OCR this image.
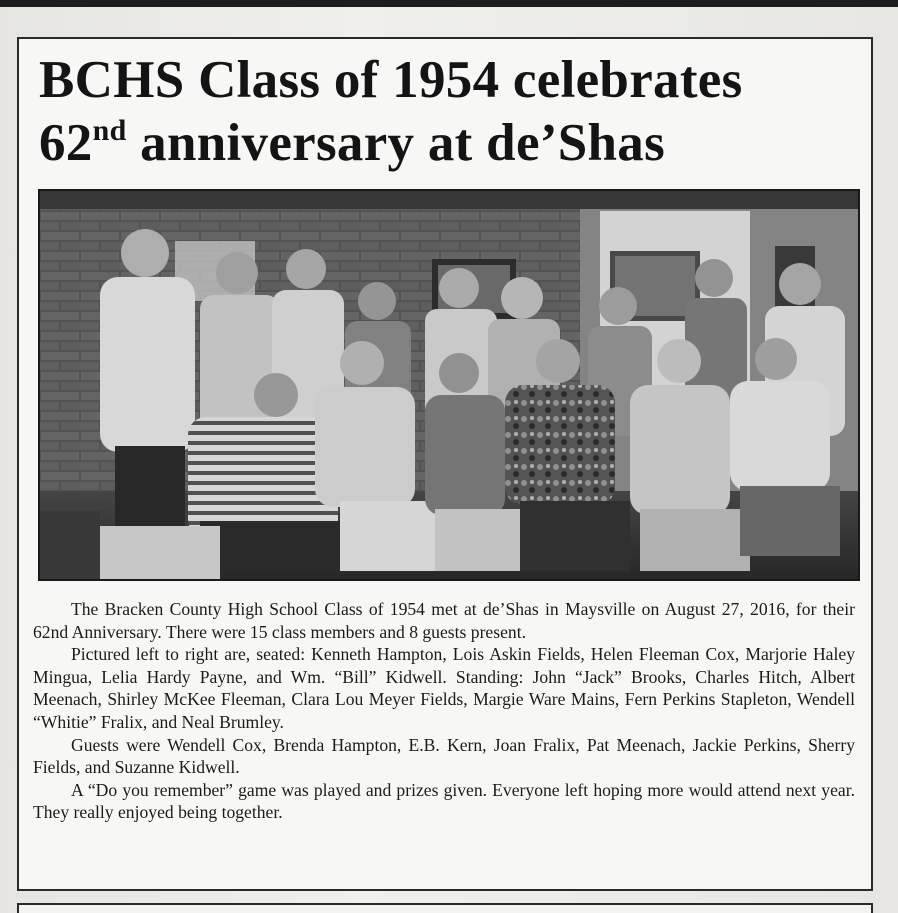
BCHS Class of 1954 celebrates
62nd anniversary at de’Shas

The Bracken County High School Class of 1954 met at de’Shas in Maysville on August 27, 2016, for their 62nd Anniversary. There were 15 class members and 8 guests present.

Pictured left to right are, seated: Kenneth Hampton, Lois Askin Fields, Helen Fleeman Cox, Marjorie Haley Mingua, Lelia Hardy Payne, and Wm. “Bill” Kidwell. Standing: John “Jack” Brooks, Charles Hitch, Albert Meenach, Shirley McKee Fleeman, Clara Lou Meyer Fields, Margie Ware Mains, Fern Perkins Stapleton, Wendell “Whitie” Fralix, and Neal Brumley.

Guests were Wendell Cox, Brenda Hampton, E.B. Kern, Joan Fralix, Pat Meenach, Jackie Perkins, Sherry Fields, and Suzanne Kidwell.

A “Do you remember” game was played and prizes given. Everyone left hoping more would attend next year. They really enjoyed being together.
